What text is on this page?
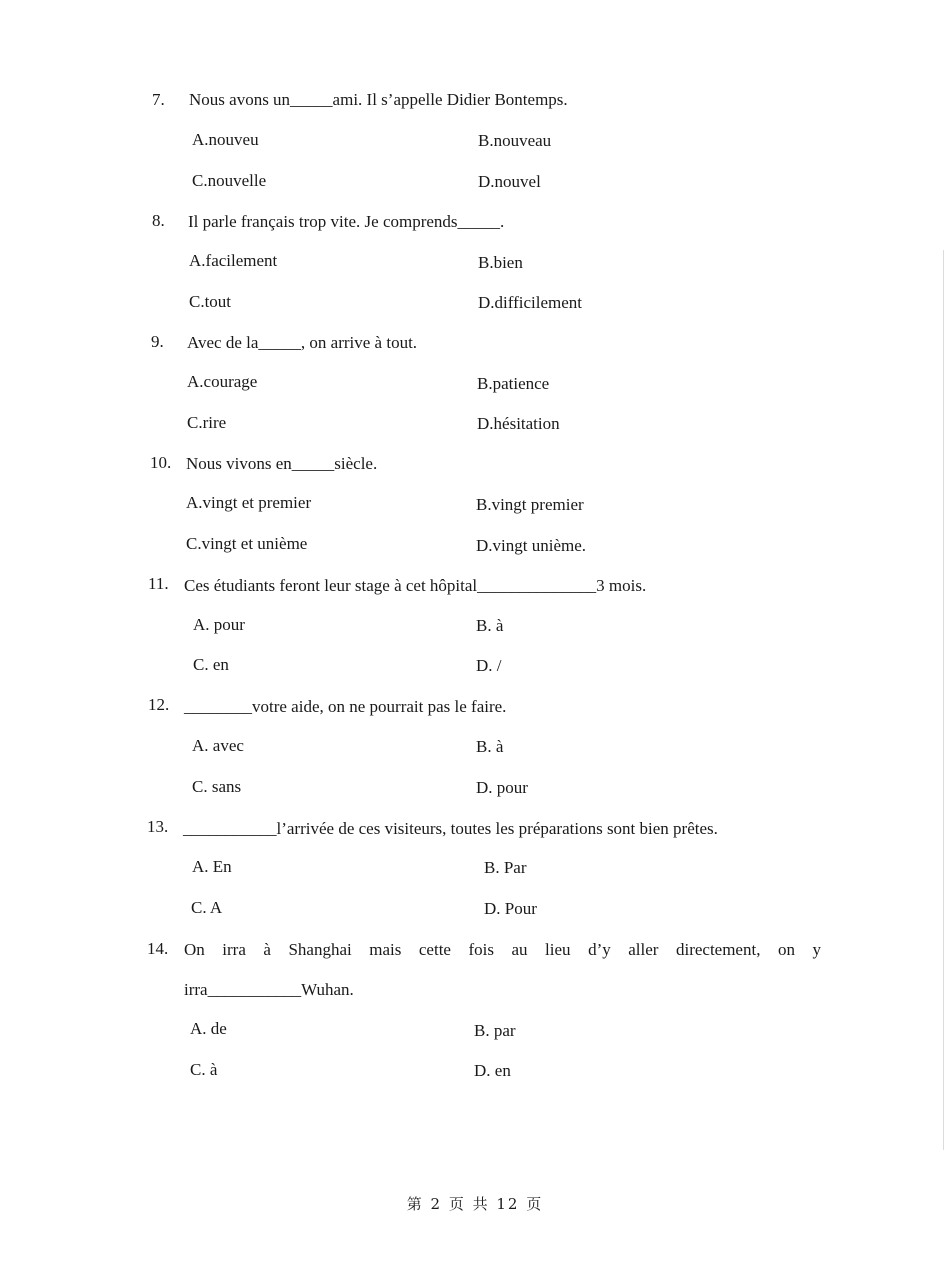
7. Nous avons un_____ami. Il s’appelle Didier Bontemps.
A.nouveu	B.nouveau
C.nouvelle	D.nouvel
8. Il parle français trop vite. Je comprends_____.
A.facilement	B.bien
C.tout	D.difficilement
9. Avec de la_____, on arrive à tout.
A.courage	B.patience
C.rire	D.hésitation
10. Nous vivons en_____siècle.
A.vingt et premier	B.vingt premier
C.vingt et unième	D.vingt unième.
11. Ces étudiants feront leur stage à cet hôpital______________3 mois.
A. pour	B. à
C. en	D. /
12. ________votre aide, on ne pourrait pas le faire.
A. avec	B. à
C. sans	D. pour
13. ___________l’arrivée de ces visiteurs, toutes les préparations sont bien prêtes.
A. En	B. Par
C. A	D. Pour
14. On irra à Shanghai mais cette fois au lieu d’y aller directement, on y
irra___________Wuhan.
A. de	B. par
C. à	D. en
第 2 页 共 12 页
